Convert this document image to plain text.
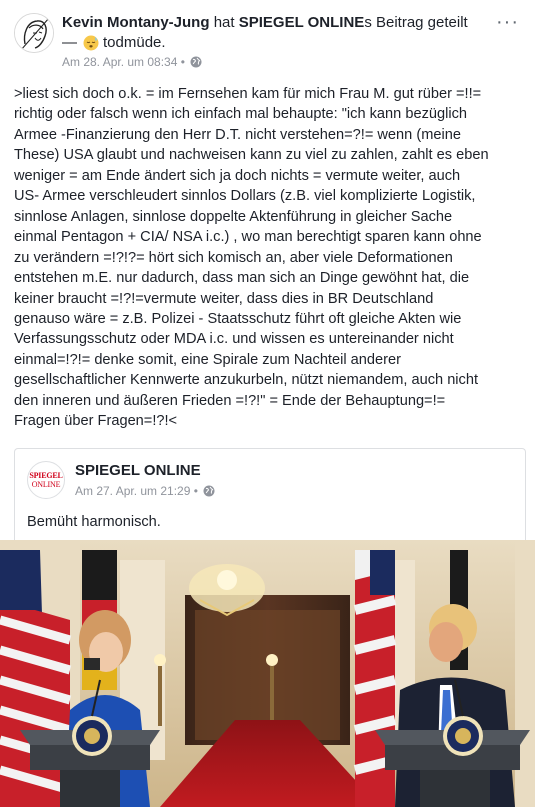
Kevin Montany-Jung hat SPIEGEL ONLINEs Beitrag geteilt
— todmüde.
Am 28. Apr. um 08:34 •
···
>liest sich doch o.k. = im Fernsehen kam für mich Frau M. gut rüber =!!=
richtig oder falsch wenn ich einfach mal behaupte: "ich kann bezüglich
Armee -Finanzierung den Herr D.T. nicht verstehen=?!= wenn (meine
These) USA glaubt und nachweisen kann zu viel zu zahlen, zahlt es eben
weniger = am Ende ändert sich ja doch nichts = vermute weiter, auch
US- Armee verschleudert sinnlos Dollars (z.B. viel komplizierte Logistik,
sinnlose Anlagen, sinnlose doppelte Aktenführung in gleicher Sache
einmal Pentagon + CIA/ NSA i.c.) , wo man berechtigt sparen kann ohne
zu verändern =!?!?= hört sich komisch an, aber viele Deformationen
entstehen m.E. nur dadurch, dass man sich an Dinge gewöhnt hat, die
keiner braucht =!?!=vermute weiter, dass dies in BR Deutschland
genauso wäre = z.B. Polizei - Staatsschutz führt oft gleiche Akten wie
Verfassungsschutz oder MDA i.c. und wissen es untereinander nicht
einmal=!?!= denke somit, eine Spirale zum Nachteil anderer
gesellschaftlicher Kennwerte anzukurbeln, nützt niemandem, auch nicht
den inneren und äußeren Frieden =!?!" = Ende der Behauptung=!=
Fragen über Fragen=!?!<
SPIEGEL
ONLINE
SPIEGEL ONLINE
Am 27. Apr. um 21:29 •
Bemüht harmonisch.
